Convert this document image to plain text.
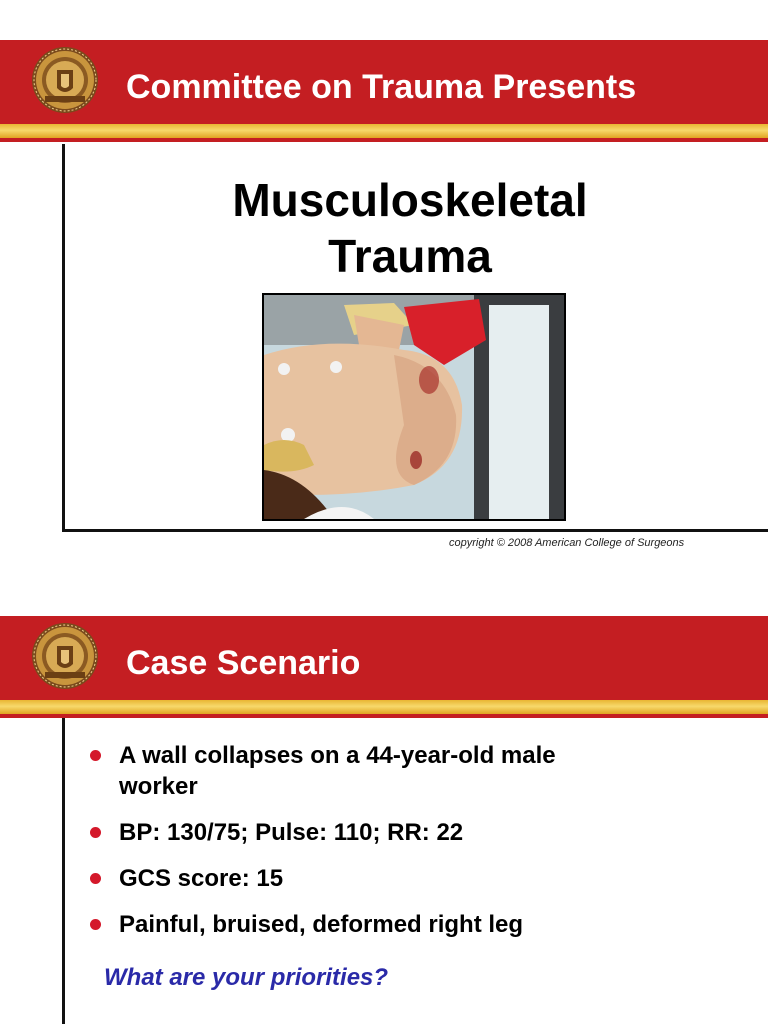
Committee on Trauma Presents
Musculoskeletal
Trauma
copyright © 2008 American College of Surgeons
Case Scenario
A wall collapses on a 44-year-old male worker
BP: 130/75; Pulse: 110; RR: 22
GCS score: 15
Painful, bruised, deformed right leg
What are your priorities?
